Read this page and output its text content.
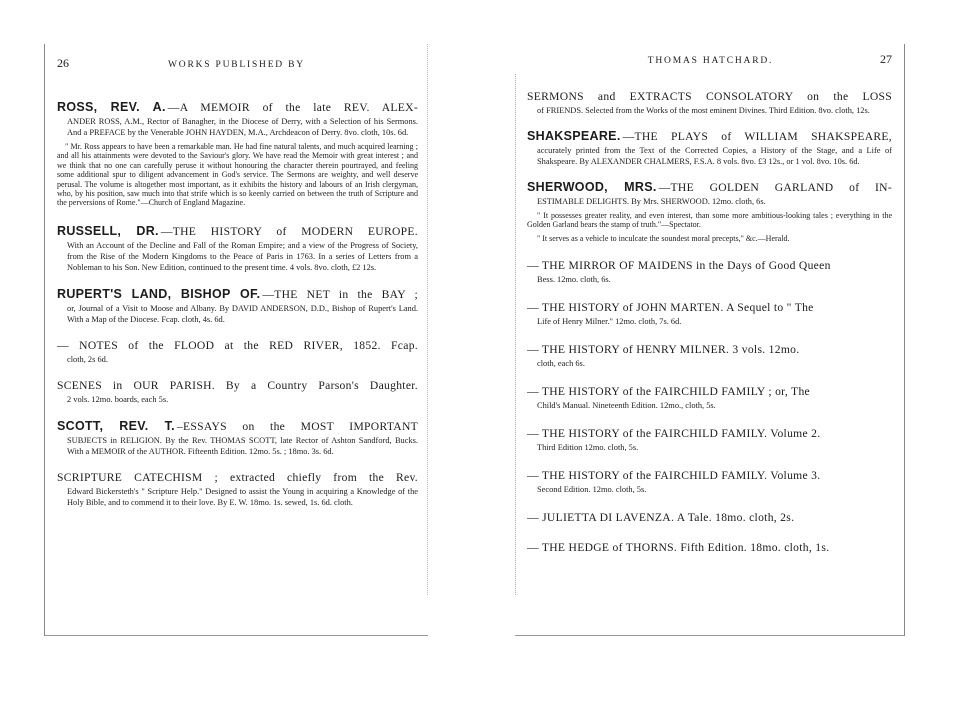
26	WORKS PUBLISHED BY
ROSS, REV. A. —A MEMOIR of the late REV. ALEX-
ANDER ROSS, A.M., Rector of Banagher, in the Diocese of Derry, with a Selection of his Sermons. And a PREFACE by the Venerable JOHN HAYDEN, M.A., Archdeacon of Derry. 8vo. cloth, 10s. 6d.
" Mr. Ross appears to have been a remarkable man. He had fine natural talents, and much acquired learning ; and all his attainments were devoted to the Saviour's glory. We have read the Memoir with great interest ; and we think that no one can carefully peruse it without honouring the character therein pourtrayed, and feeling some additional spur to diligent advancement in God's service. The Sermons are weighty, and well deserve perusal. The volume is altogether most important, as it exhibits the history and labours of an Irish clergyman, who, by his position, saw much into that strife which is so keenly carried on between the truth of Scripture and the perversions of Rome."—Church of England Magazine.
RUSSELL, DR. —THE HISTORY of MODERN EUROPE.
With an Account of the Decline and Fall of the Roman Empire; and a view of the Progress of Society, from the Rise of the Modern Kingdoms to the Peace of Paris in 1763. In a series of Letters from a Nobleman to his Son. New Edition, continued to the present time. 4 vols. 8vo. cloth, £2 12s.
RUPERT'S LAND, BISHOP OF. —THE NET in the BAY ;
or, Journal of a Visit to Moose and Albany. By DAVID ANDERSON, D.D., Bishop of Rupert's Land. With a Map of the Diocese. Fcap. cloth, 4s. 6d.
— NOTES of the FLOOD at the RED RIVER, 1852. Fcap.
cloth, 2s 6d.
SCENES in OUR PARISH. By a Country Parson's Daughter.
2 vols. 12mo. boards, each 5s.
SCOTT, REV. T. –ESSAYS on the MOST IMPORTANT
SUBJECTS in RELIGION. By the Rev. THOMAS SCOTT, late Rector of Ashton Sandford, Bucks. With a MEMOIR of the AUTHOR. Fifteenth Edition. 12mo. 5s. ; 18mo. 3s. 6d.
SCRIPTURE CATECHISM ; extracted chiefly from the Rev.
Edward Bickersteth's " Scripture Help." Designed to assist the Young in acquiring a Knowledge of the Holy Bible, and to commend it to their love. By E. W. 18mo. 1s. sewed, 1s. 6d. cloth.
THOMAS HATCHARD.	27
SERMONS and EXTRACTS CONSOLATORY on the LOSS
of FRIENDS. Selected from the Works of the most eminent Divines. Third Edition. 8vo. cloth, 12s.
SHAKSPEARE. —THE PLAYS of WILLIAM SHAKSPEARE,
accurately printed from the Text of the Corrected Copies, a History of the Stage, and a Life of Shakspeare. By ALEXANDER CHALMERS, F.S.A. 8 vols. 8vo. £3 12s., or 1 vol. 8vo. 10s. 6d.
SHERWOOD, MRS. —THE GOLDEN GARLAND of IN-
ESTIMABLE DELIGHTS. By Mrs. SHERWOOD. 12mo. cloth, 6s.
" It possesses greater reality, and even interest, than some more ambitious-looking tales ; everything in the Golden Garland bears the stamp of truth."—Spectator.
" It serves as a vehicle to inculcate the soundest moral precepts," &c.—Herald.
— THE MIRROR OF MAIDENS in the Days of Good Queen
Bess. 12mo. cloth, 6s.
— THE HISTORY of JOHN MARTEN. A Sequel to " The
Life of Henry Milner." 12mo. cloth, 7s. 6d.
— THE HISTORY of HENRY MILNER. 3 vols. 12mo.
cloth, each 6s.
— THE HISTORY of the FAIRCHILD FAMILY ; or, The
Child's Manual. Nineteenth Edition. 12mo., cloth, 5s.
— THE HISTORY of the FAIRCHILD FAMILY. Volume 2.
Third Edition 12mo. cloth, 5s.
— THE HISTORY of the FAIRCHILD FAMILY. Volume 3.
Second Edition. 12mo. cloth, 5s.
— JULIETTA DI LAVENZA. A Tale. 18mo. cloth, 2s.
— THE HEDGE of THORNS. Fifth Edition. 18mo. cloth, 1s.
